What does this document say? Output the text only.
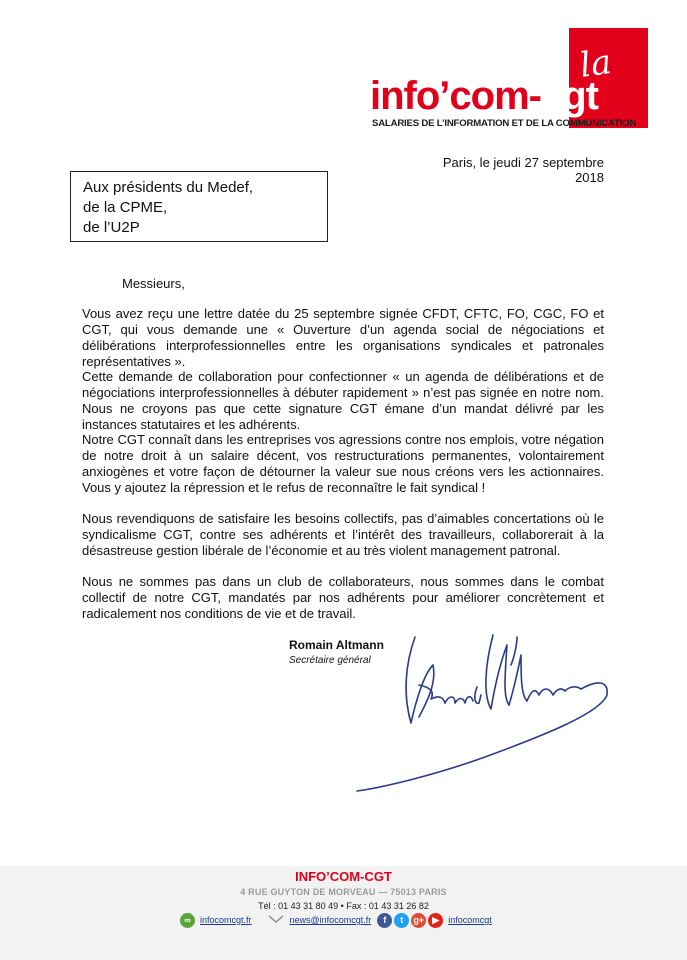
la
info’com-cgt
SALARIES DE L’INFORMATION ET DE LA COMMUNICATION
Paris, le jeudi 27 septembre 2018
Aux présidents du Medef,
de la CPME,
de l’U2P
Messieurs,

Vous avez reçu une lettre datée du 25 septembre signée CFDT, CFTC, FO, CGC, FO et CGT, qui vous demande une « Ouverture d’un agenda social de négociations et délibérations interprofessionnelles entre les organisations syndicales et patronales représentatives ».

Cette demande de collaboration pour confectionner « un agenda de délibérations et de négociations interprofessionnelles à débuter rapidement » n’est pas signée en notre nom. Nous ne croyons pas que cette signature CGT émane d’un mandat délivré par les instances statutaires et les adhérents.

Notre CGT connaît dans les entreprises vos agressions contre nos emplois, votre négation de notre droit à un salaire décent, vos restructurations permanentes, volontairement anxiogènes et votre façon de détourner la valeur sue nous créons vers les actionnaires. Vous y ajoutez la répression et le refus de reconnaître le fait syndical !

Nous revendiquons de satisfaire les besoins collectifs, pas d’aimables concertations où le syndicalisme CGT, contre ses adhérents et l’intérêt des travailleurs, collaborerait à la désastreuse gestion libérale de l’économie et au très violent management patronal.

Nous ne sommes pas dans un club de collaborateurs, nous sommes dans le combat collectif de notre CGT, mandatés par nos adhérents pour améliorer concrètement et radicalement nos conditions de vie et de travail.

Romain Altmann
Secrétaire général
INFO’COM-CGT
4 RUE GUYTON DE MORVEAU — 75013 PARIS
Tél : 01 43 31 80 49 • Fax : 01 43 31 26 82
∞	infocomcgt.fr	news@infocomcgt.fr	f	t	g+ ▶	infocomcgt
